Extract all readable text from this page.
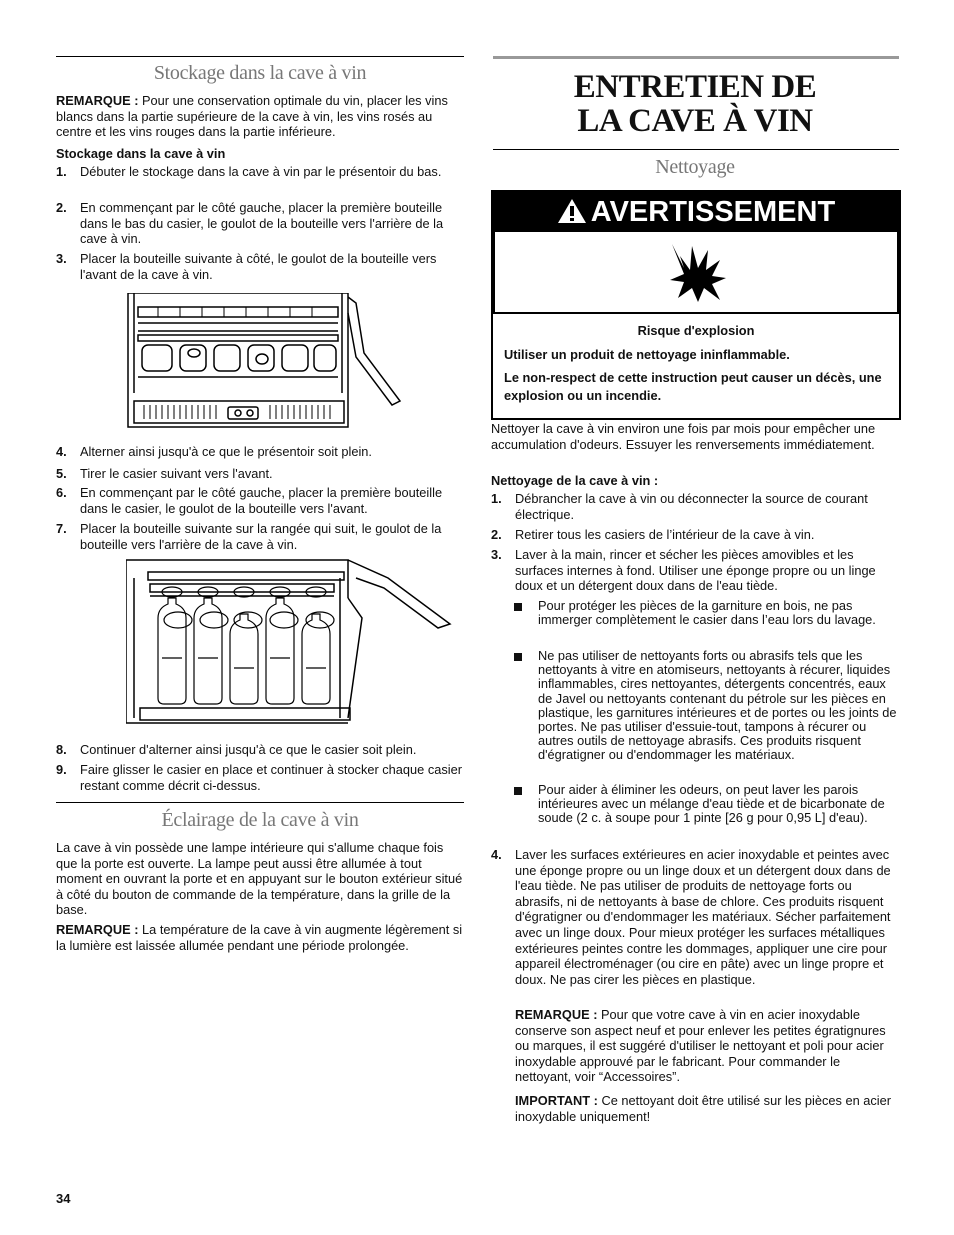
Stockage dans la cave à vin

REMARQUE : Pour une conservation optimale du vin, placer les vins blancs dans la partie supérieure de la cave à vin, les vins rosés au centre et les vins rouges dans la partie inférieure.

Stockage dans la cave à vin
1. Débuter le stockage dans la cave à vin par le présentoir du bas.
2. En commençant par le côté gauche, placer la première bouteille dans le bas du casier, le goulot de la bouteille vers l'arrière de la cave à vin.
3. Placer la bouteille suivante à côté, le goulot de la bouteille vers l'avant de la cave à vin.
4. Alterner ainsi jusqu'à ce que le présentoir soit plein.
5. Tirer le casier suivant vers l'avant.
6. En commençant par le côté gauche, placer la première bouteille dans le casier, le goulot de la bouteille vers l'avant.
7. Placer la bouteille suivante sur la rangée qui suit, le goulot de la bouteille vers l'arrière de la cave à vin.
8. Continuer d'alterner ainsi jusqu'à ce que le casier soit plein.
9. Faire glisser le casier en place et continuer à stocker chaque casier restant comme décrit ci-dessus.
Éclairage de la cave à vin

La cave à vin possède une lampe intérieure qui s'allume chaque fois que la porte est ouverte. La lampe peut aussi être allumée à tout moment en ouvrant la porte et en appuyant sur le bouton extérieur situé à côté du bouton de commande de la température, dans la grille de la base.

REMARQUE : La température de la cave à vin augmente légèrement si la lumière est laissée allumée pendant une période prolongée.

ENTRETIEN DE
LA CAVE À VIN
Nettoyage
AVERTISSEMENT
Risque d'explosion
Utiliser un produit de nettoyage ininflammable.
Le non-respect de cette instruction peut causer un décès, une explosion ou un incendie.

Nettoyer la cave à vin environ une fois par mois pour empêcher une accumulation d'odeurs. Essuyer les renversements immédiatement.

Nettoyage de la cave à vin :
1. Débrancher la cave à vin ou déconnecter la source de courant électrique.
2. Retirer tous les casiers de l’intérieur de la cave à vin.
3. Laver à la main, rincer et sécher les pièces amovibles et les surfaces internes à fond. Utiliser une éponge propre ou un linge doux et un détergent doux dans de l'eau tiède.
Pour protéger les pièces de la garniture en bois, ne pas immerger complètement le casier dans l’eau lors du lavage.
Ne pas utiliser de nettoyants forts ou abrasifs tels que les nettoyants à vitre en atomiseurs, nettoyants à récurer, liquides inflammables, cires nettoyantes, détergents concentrés, eaux de Javel ou nettoyants contenant du pétrole sur les pièces en plastique, les garnitures intérieures et de portes ou les joints de portes. Ne pas utiliser d'essuie-tout, tampons à récurer ou autres outils de nettoyage abrasifs. Ces produits risquent d'égratigner ou d'endommager les matériaux.
Pour aider à éliminer les odeurs, on peut laver les parois intérieures avec un mélange d'eau tiède et de bicarbonate de soude (2 c. à soupe pour 1 pinte [26 g pour 0,95 L] d'eau).
4. Laver les surfaces extérieures en acier inoxydable et peintes avec une éponge propre ou un linge doux et un détergent doux dans de l'eau tiède. Ne pas utiliser de produits de nettoyage forts ou abrasifs, ni de nettoyants à base de chlore. Ces produits risquent d'égratigner ou d'endommager les matériaux. Sécher parfaitement avec un linge doux. Pour mieux protéger les surfaces métalliques extérieures peintes contre les dommages, appliquer une cire pour appareil électroménager (ou cire en pâte) avec un linge propre et doux. Ne pas cirer les pièces en plastique.

REMARQUE : Pour que votre cave à vin en acier inoxydable conserve son aspect neuf et pour enlever les petites égratignures ou marques, il est suggéré d'utiliser le nettoyant et poli pour acier inoxydable approuvé par le fabricant. Pour commander le nettoyant, voir “Accessoires”.

IMPORTANT : Ce nettoyant doit être utilisé sur les pièces en acier inoxydable uniquement!

34
